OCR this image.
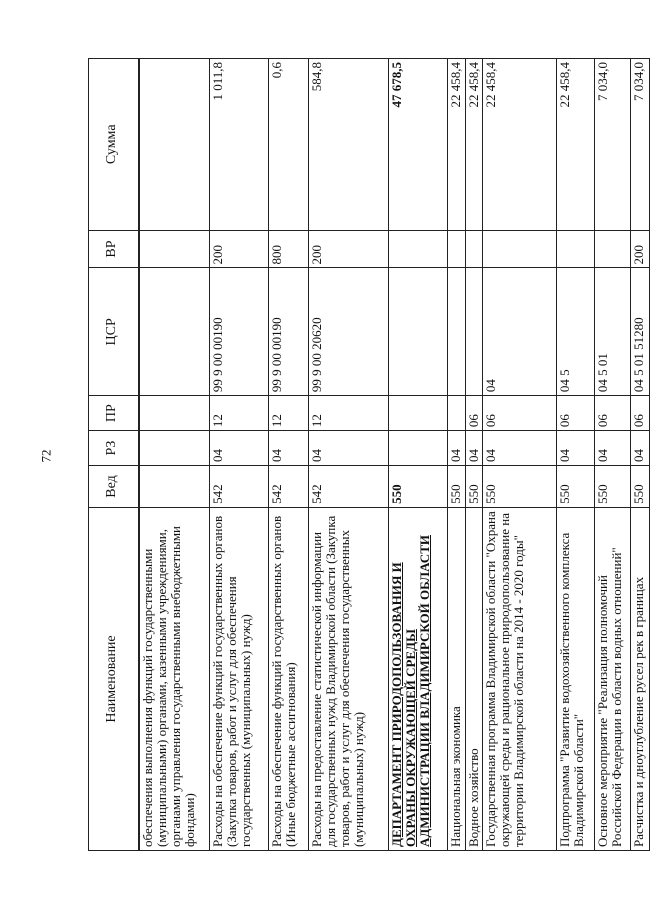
72
Наименование
Вед
РЗ
ПР
ЦСР
ВР
Сумма
обеспечения выполнения функций государственными (муниципальными) органами, казенными учреждениями, органами управления государственными внебюджетными фондами)	Расходы на обеспечение функций государственных органов (Закупка товаров, работ и услуг для обеспечения государственных (муниципальных) нужд)
542
04
12
99 9 00 00190
200
1 011,8
Расходы на обеспечение функций государственных органов (Иные бюджетные ассигнования)
542
04
12
99 9 00 00190
800
0,6
Расходы на предоставление статистической информации для государственных нужд Владимирской области (Закупка товаров, работ и услуг для обеспечения государственных (муниципальных) нужд)
542
04
12
99 9 00 20620
200
584,8
ДЕПАРТАМЕНТ ПРИРОДОПОЛЬЗОВАНИЯ И ОХРАНЫ ОКРУЖАЮЩЕЙ СРЕДЫ АДМИНИСТРАЦИИ ВЛАДИМИРСКОЙ ОБЛАСТИ
550
47 678,5
Национальная экономика
550
04
22 458,4
Водное хозяйство
550
04
06
22 458,4
Государственная программа Владимирской области "Охрана окружающей среды и рациональное природопользование на территории Владимирской области на 2014 - 2020 годы"
550
04
06
04
22 458,4
Подпрограмма "Развитие водохозяйственного комплекса Владимирской области"
550
04
06
04 5
22 458,4
Основное мероприятие "Реализация полномочий Российской Федерации в области водных отношений"
550
04
06
04 5 01
7 034,0
Расчистка и дноуглубление русел рек в границах
550
04
06
04 5 01 51280
200
7 034,0
